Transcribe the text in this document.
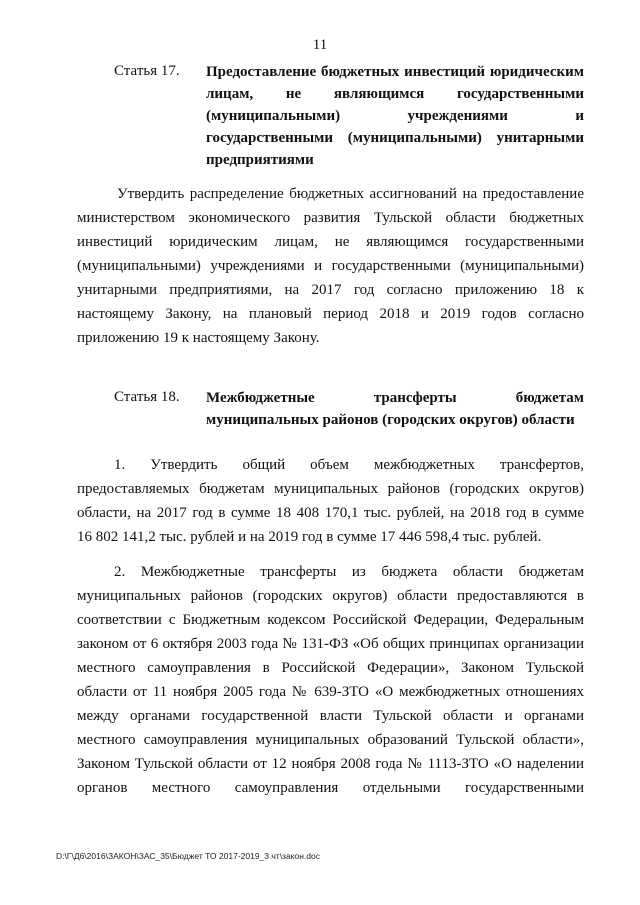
11
Статья 17. Предоставление бюджетных инвестиций юридическим
лицам, не являющимся государственными
(муниципальными) учреждениями и
государственными (муниципальными) унитарными
предприятиями
Утвердить распределение бюджетных ассигнований на предоставление
министерством экономического развития Тульской области бюджетных
инвестиций юридическим лицам, не являющимся государственными
(муниципальными) учреждениями и государственными (муниципальными)
унитарными предприятиями, на 2017 год согласно приложению 18 к
настоящему Закону, на плановый период 2018 и 2019 годов согласно
приложению 19 к настоящему Закону.
Статья 18. Межбюджетные трансферты бюджетам
муниципальных районов (городских округов) области
1. Утвердить общий объем межбюджетных трансфертов,
предоставляемых бюджетам муниципальных районов (городских округов)
области, на 2017 год в сумме 18 408 170,1 тыс. рублей, на 2018 год в сумме
16 802 141,2 тыс. рублей и на 2019 год в сумме 17 446 598,4 тыс. рублей.
2. Межбюджетные трансферты из бюджета области бюджетам
муниципальных районов (городских округов) области предоставляются в
соответствии с Бюджетным кодексом Российской Федерации, Федеральным
законом от 6 октября 2003 года № 131-ФЗ «Об общих принципах организации
местного самоуправления в Российской Федерации», Законом Тульской
области от 11 ноября 2005 года № 639-ЗТО «О межбюджетных отношениях
между органами государственной власти Тульской области и органами
местного самоуправления муниципальных образований Тульской области»,
Законом Тульской области от 12 ноября 2008 года № 1113-ЗТО «О наделении
органов местного самоуправления отдельными государственными
D:\Г\Д6\2016\ЗАКОН\ЗАС_35\Бюджет ТО 2017-2019_3 чт\закон.doc
